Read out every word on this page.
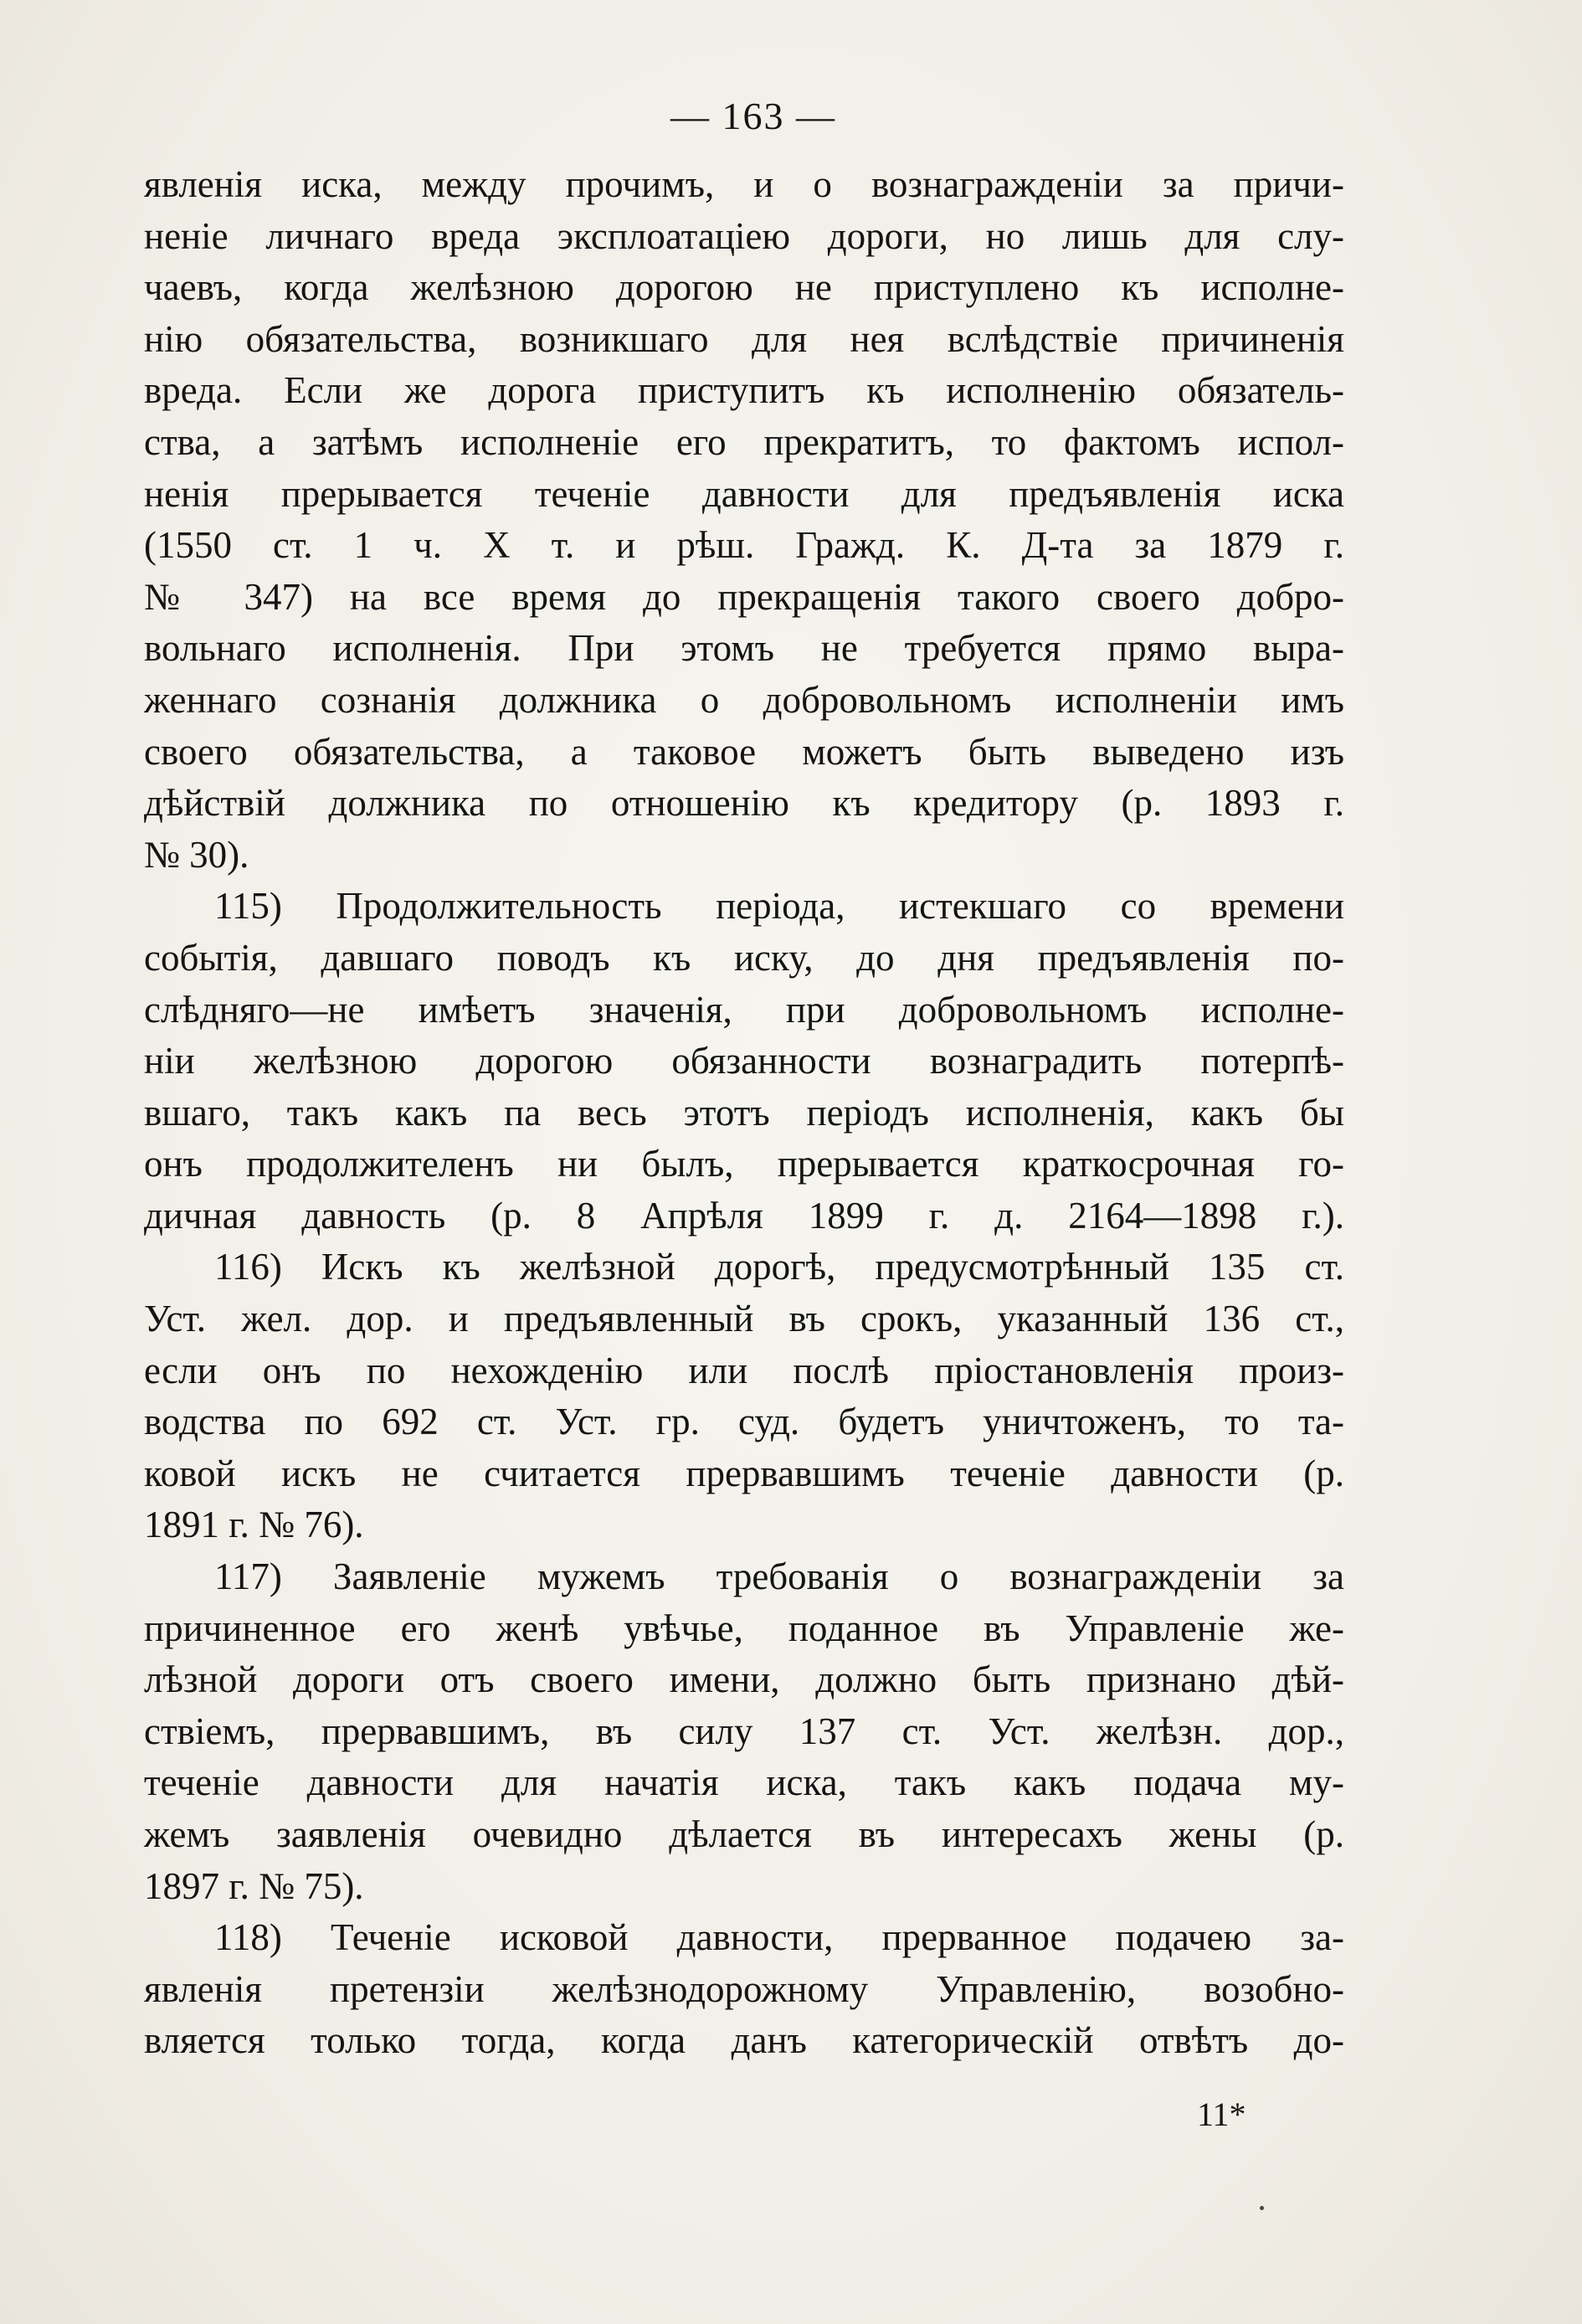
— 163 —
явленія иска, между прочимъ, и о вознагражденіи за причи-
неніе личнаго вреда эксплоатаціею дороги, но лишь для слу-
чаевъ, когда желѣзною дорогою не приступлено къ исполне-
нію обязательства, возникшаго для нея вслѣдствіе причиненія
вреда. Если же дорога приступитъ къ исполненію обязатель-
ства, а затѣмъ исполненіе его прекратитъ, то фактомъ испол-
ненія прерывается теченіе давности для предъявленія иска
(1550 ст. 1 ч. X т. и рѣш. Гражд. К. Д-та за 1879 г.
№ 347) на все время до прекращенія такого своего добро-
вольнаго исполненія. При этомъ не требуется прямо выра-
женнаго сознанія должника о добровольномъ исполненіи имъ
своего обязательства, а таковое можетъ быть выведено изъ
дѣйствій должника по отношенію къ кредитору (р. 1893 г.
№ 30).
115) Продолжительность періода, истекшаго со времени
событія, давшаго поводъ къ иску, до дня предъявленія по-
слѣдняго—не имѣетъ значенія, при добровольномъ исполне-
ніи желѣзною дорогою обязанности вознаградить потерпѣ-
вшаго, такъ какъ па весь этотъ періодъ исполненія, какъ бы
онъ продолжителенъ ни былъ, прерывается краткосрочная го-
дичная давность (р. 8 Апрѣля 1899 г. д. 2164—1898 г.).
116) Искъ къ желѣзной дорогѣ, предусмотрѣнный 135 ст.
Уст. жел. дор. и предъявленный въ срокъ, указанный 136 ст.,
если онъ по нехожденію или послѣ пріостановленія произ-
водства по 692 ст. Уст. гр. суд. будетъ уничтоженъ, то та-
ковой искъ не считается прервавшимъ теченіе давности (р.
1891 г. № 76).
117) Заявленіе мужемъ требованія о вознагражденіи за
причиненное его женѣ увѣчье, поданное въ Управленіе же-
лѣзной дороги отъ своего имени, должно быть признано дѣй-
ствіемъ, прервавшимъ, въ силу 137 ст. Уст. желѣзн. дор.,
теченіе давности для начатія иска, такъ какъ подача му-
жемъ заявленія очевидно дѣлается въ интересахъ жены (р.
1897 г. № 75).
118) Теченіе исковой давности, прерванное подачею за-
явленія претензіи желѣзнодорожному Управленію, возобно-
вляется только тогда, когда данъ категорическій отвѣтъ до-
11*
